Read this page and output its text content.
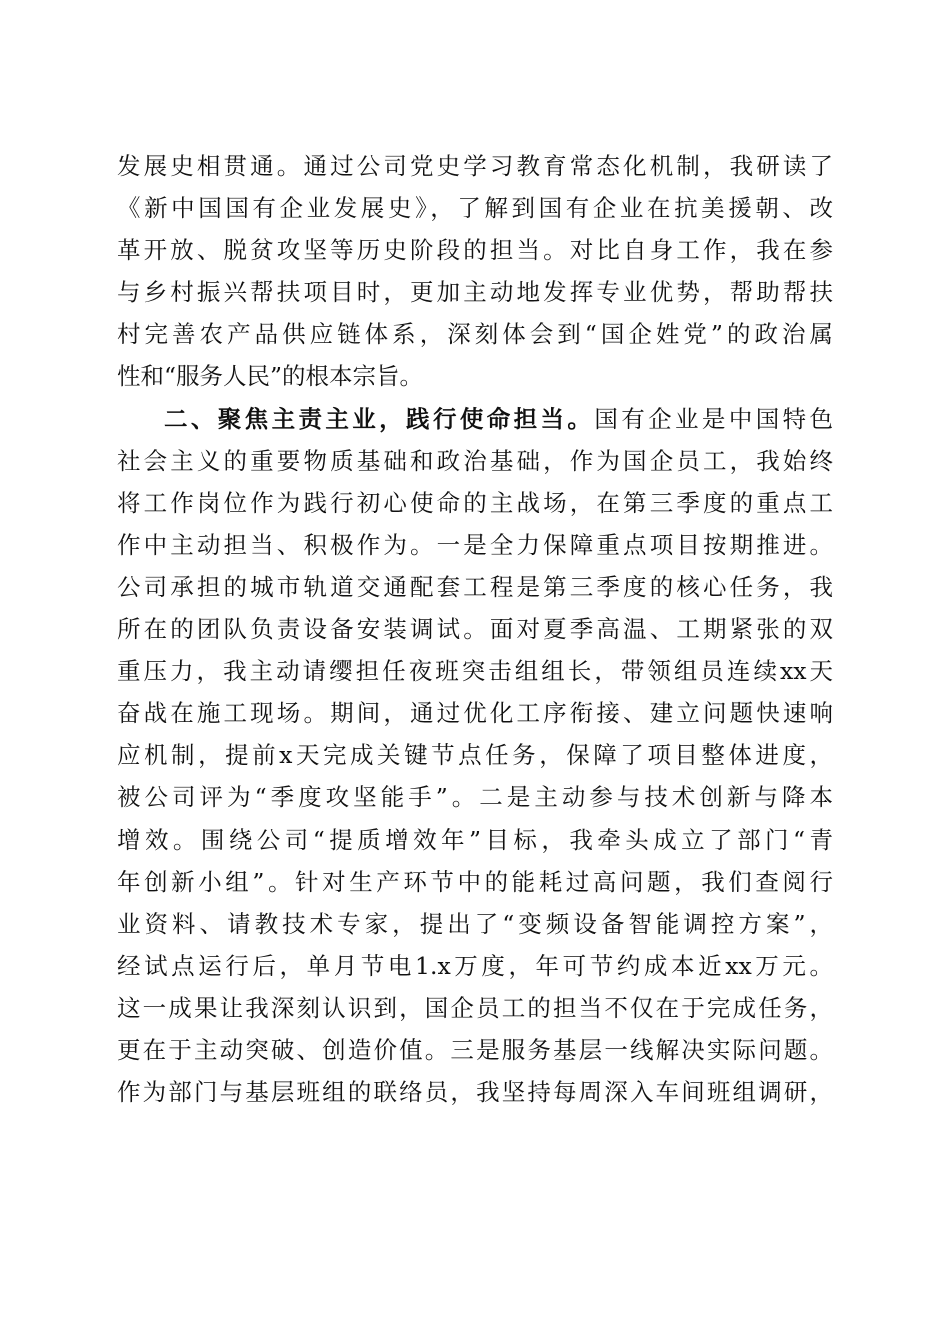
发展史相贯通。通过公司党史学习教育常态化机制，我研读了
《新中国国有企业发展史》，了解到国有企业在抗美援朝、改
革开放、脱贫攻坚等历史阶段的担当。对比自身工作，我在参
与乡村振兴帮扶项目时，更加主动地发挥专业优势，帮助帮扶
村完善农产品供应链体系，深刻体会到“国企姓党”的政治属
性和“服务人民”的根本宗旨。
二、聚焦主责主业，践行使命担当。国有企业是中国特色
社会主义的重要物质基础和政治基础，作为国企员工，我始终
将工作岗位作为践行初心使命的主战场，在第三季度的重点工
作中主动担当、积极作为。一是全力保障重点项目按期推进。
公司承担的城市轨道交通配套工程是第三季度的核心任务，我
所在的团队负责设备安装调试。面对夏季高温、工期紧张的双
重压力，我主动请缨担任夜班突击组组长，带领组员连续xx天
奋战在施工现场。期间，通过优化工序衔接、建立问题快速响
应机制，提前x天完成关键节点任务，保障了项目整体进度，
被公司评为“季度攻坚能手”。二是主动参与技术创新与降本
增效。围绕公司“提质增效年”目标，我牵头成立了部门“青
年创新小组”。针对生产环节中的能耗过高问题，我们查阅行
业资料、请教技术专家，提出了“变频设备智能调控方案”，
经试点运行后，单月节电1.x万度，年可节约成本近xx万元。
这一成果让我深刻认识到，国企员工的担当不仅在于完成任务，
更在于主动突破、创造价值。三是服务基层一线解决实际问题。
作为部门与基层班组的联络员，我坚持每周深入车间班组调研，
